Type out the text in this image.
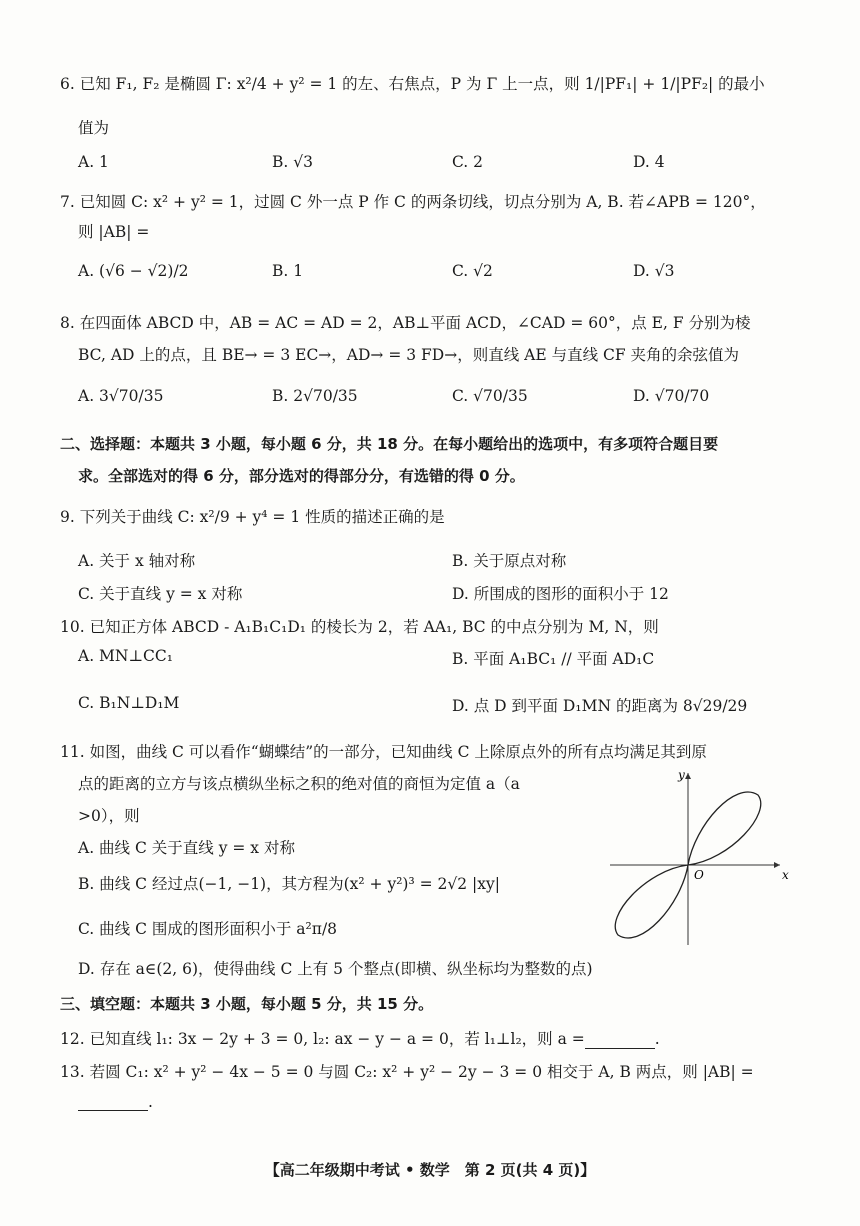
6. 已知 F₁, F₂ 是椭圆 Γ: x²/4 + y² = 1 的左、右焦点，P 为 Γ 上一点，则 1/|PF₁| + 1/|PF₂| 的最小
值为
A. 1	B. √3	C. 2	D. 4
7. 已知圆 C: x² + y² = 1，过圆 C 外一点 P 作 C 的两条切线，切点分别为 A, B. 若∠APB = 120°，
则 |AB| =
A. (√6 − √2)/2	B. 1	C. √2	D. √3
8. 在四面体 ABCD 中，AB = AC = AD = 2，AB⊥平面 ACD，∠CAD = 60°，点 E, F 分别为棱
BC, AD 上的点，且 BE→ = 3 EC→，AD→ = 3 FD→，则直线 AE 与直线 CF 夹角的余弦值为
A. 3√70/35	B. 2√70/35	C. √70/35	D. √70/70
二、选择题：本题共 3 小题，每小题 6 分，共 18 分。在每小题给出的选项中，有多项符合题目要
求。全部选对的得 6 分，部分选对的得部分分，有选错的得 0 分。
9. 下列关于曲线 C: x²/9 + y⁴ = 1 性质的描述正确的是
A. 关于 x 轴对称	B. 关于原点对称
C. 关于直线 y = x 对称	D. 所围成的图形的面积小于 12
10. 已知正方体 ABCD - A₁B₁C₁D₁ 的棱长为 2，若 AA₁, BC 的中点分别为 M, N，则
A. MN⊥CC₁	B. 平面 A₁BC₁ // 平面 AD₁C
C. B₁N⊥D₁M	D. 点 D 到平面 D₁MN 的距离为 8√29/29
11. 如图，曲线 C 可以看作“蝴蝶结”的一部分，已知曲线 C 上除原点外的所有点均满足其到原
点的距离的立方与该点横纵坐标之积的绝对值的商恒为定值 a（a
>0），则
A. 曲线 C 关于直线 y = x 对称
B. 曲线 C 经过点(−1, −1)，其方程为(x² + y²)³ = 2√2 |xy|
C. 曲线 C 围成的图形面积小于 a²π/8
D. 存在 a∈(2, 6)，使得曲线 C 上有 5 个整点(即横、纵坐标均为整数的点)
x
y
O
三、填空题：本题共 3 小题，每小题 5 分，共 15 分。
12. 已知直线 l₁: 3x − 2y + 3 = 0, l₂: ax − y − a = 0，若 l₁⊥l₂，则 a =	.
13. 若圆 C₁: x² + y² − 4x − 5 = 0 与圆 C₂: x² + y² − 2y − 3 = 0 相交于 A, B 两点，则 |AB| =
.
【高二年级期中考试 • 数学　第 2 页(共 4 页)】
